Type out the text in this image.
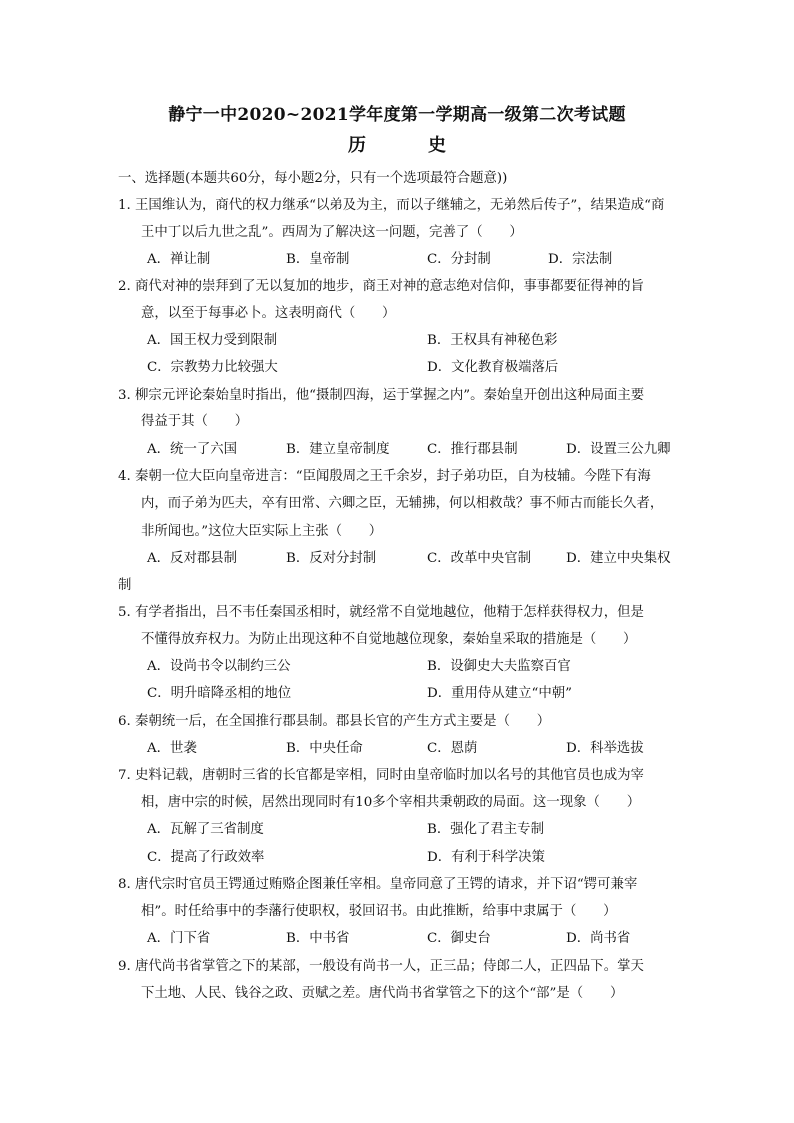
静宁一中2020~2021学年度第一学期高一级第二次考试题
历　史
一、选择题(本题共60分，每小题2分，只有一个选项最符合题意))
1. 王国维认为，商代的权力继承“以弟及为主，而以子继辅之，无弟然后传子”，结果造成“商
王中丁以后九世之乱”。西周为了解决这一问题，完善了（　　）
A．禅让制	B．皇帝制	C．分封制	D．宗法制
2. 商代对神的崇拜到了无以复加的地步，商王对神的意志绝对信仰，事事都要征得神的旨
意，以至于每事必卜。这表明商代（　　）
A．国王权力受到限制	B．王权具有神秘色彩
C．宗教势力比较强大	D．文化教育极端落后
3. 柳宗元评论秦始皇时指出，他“摄制四海，运于掌握之内”。秦始皇开创出这种局面主要
得益于其（　　）
A．统一了六国	B．建立皇帝制度	C．推行郡县制	D．设置三公九卿
4. 秦朝一位大臣向皇帝进言：“臣闻殷周之王千余岁，封子弟功臣，自为枝辅。今陛下有海
内，而子弟为匹夫，卒有田常、六卿之臣，无辅拂，何以相救哉？事不师古而能长久者，
非所闻也。”这位大臣实际上主张（　　）
A．反对郡县制	B．反对分封制	C．改革中央官制	D．建立中央集权
制
5. 有学者指出，吕不韦任秦国丞相时，就经常不自觉地越位，他精于怎样获得权力，但是
不懂得放弃权力。为防止出现这种不自觉地越位现象，秦始皇采取的措施是（　　）
A．设尚书令以制约三公	B．设御史大夫监察百官
C．明升暗降丞相的地位	D．重用侍从建立“中朝”
6. 秦朝统一后，在全国推行郡县制。郡县长官的产生方式主要是（　　）
A．世袭	B．中央任命	C．恩荫	D．科举选拔
7. 史料记载，唐朝时三省的长官都是宰相，同时由皇帝临时加以名号的其他官员也成为宰
相，唐中宗的时候，居然出现同时有10多个宰相共秉朝政的局面。这一现象（　　）
A．瓦解了三省制度	B．强化了君主专制
C．提高了行政效率	D．有利于科学决策
8. 唐代宗时官员王锷通过贿赂企图兼任宰相。皇帝同意了王锷的请求，并下诏“锷可兼宰
相”。时任给事中的李藩行使职权，驳回诏书。由此推断，给事中隶属于（　　）
A．门下省	B．中书省	C．御史台	D．尚书省
9. 唐代尚书省掌管之下的某部，一般设有尚书一人，正三品；侍郎二人，正四品下。掌天
下土地、人民、钱谷之政、贡赋之差。唐代尚书省掌管之下的这个“部”是（　　）
